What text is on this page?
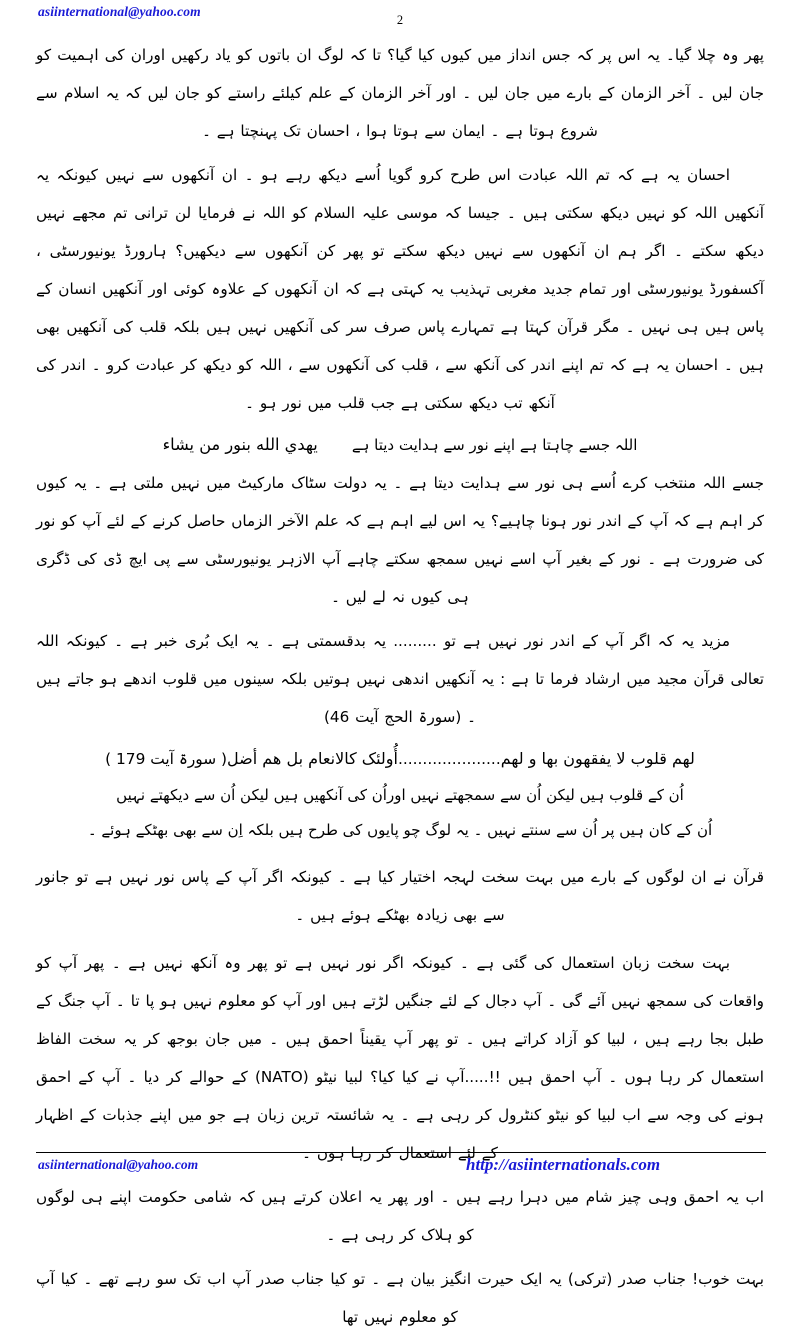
asiinternational@yahoo.com
2

پھر وہ چلا گیا۔ یہ اس پر کہ جس انداز میں کیوں کیا گیا؟ تا کہ لوگ ان باتوں کو یاد رکھیں اوران کی اہمیت کو جان لیں ۔ آخر الزمان کے بارے میں جان لیں ۔ اور آخر الزمان کے علم کیلئے راستے کو جان لیں کہ یہ اسلام سے شروع ہوتا ہے ۔ ایمان سے ہوتا ہوا ، احسان تک پہنچتا ہے ۔

احسان یہ ہے کہ تم اللہ عبادت اس طرح کرو گویا اُسے دیکھ رہے ہو ۔ ان آنکھوں سے نہیں کیونکہ یہ آنکھیں اللہ کو نہیں دیکھ سکتی ہیں ۔ جیسا کہ موسی علیہ السلام کو اللہ نے فرمایا لن ترانی تم مجھے نہیں دیکھ سکتے ۔ اگر ہم ان آنکھوں سے نہیں دیکھ سکتے تو پھر کن آنکھوں سے دیکھیں؟ ہارورڈ یونیورسٹی ، آکسفورڈ یونیورسٹی اور تمام جدید مغربی تہذیب یہ کہتی ہے کہ ان آنکھوں کے علاوہ کوئی اور آنکھیں انسان کے پاس ہیں ہی نہیں ۔ مگر قرآن کہتا ہے تمہارے پاس صرف سر کی آنکھیں نہیں ہیں بلکہ قلب کی آنکھیں بھی ہیں ۔ احسان یہ ہے کہ تم اپنے اندر کی آنکھ سے ، قلب کی آنکھوں سے ، اللہ کو دیکھ کر عبادت کرو ۔ اندر کی آنکھ تب دیکھ سکتی ہے جب قلب میں نور ہو ۔

اللہ جسے چاہتا ہے اپنے نور سے ہدایت دیتا ہےيهدي الله بنور من يشاء

جسے اللہ منتخب کرے اُسے ہی نور سے ہدایت دیتا ہے ۔ یہ دولت سٹاک مارکیٹ میں نہیں ملتی ہے ۔ یہ کیوں کر اہم ہے کہ آپ کے اندر نور ہونا چاہیے؟ یہ اس لیے اہم ہے کہ علم الآخر الزماں حاصل کرنے کے لئے آپ کو نور کی ضرورت ہے ۔ نور کے بغیر آپ اسے نہیں سمجھ سکتے چاہے آپ الازہر یونیورسٹی سے پی ایچ ڈی کی ڈگری ہی کیوں نہ لے لیں ۔

مزید یہ کہ اگر آپ کے اندر نور نہیں ہے تو ......... یہ بدقسمتی ہے ۔ یہ ایک بُری خبر ہے ۔ کیونکہ اللہ تعالی قرآن مجید میں ارشاد فرما تا ہے : یہ آنکھیں اندھی نہیں ہوتیں بلکہ سینوں میں قلوب اندھے ہو جاتے ہیں ۔ (سورۃ الحج آیت 46)

لھم قلوب لا يفقهون بها و لهم.....................أُولئک كالانعام بل هم أضل( سورۃ آیت 179 )
اُن کے قلوب ہیں لیکن اُن سے سمجھتے نہیں اوراُن کی آنکھیں ہیں لیکن اُن سے دیکھتے نہیں
اُن کے کان ہیں پر اُن سے سنتے نہیں ۔ یہ لوگ چو پایوں کی طرح ہیں بلکہ اِن سے بھی بھٹکے ہوئے ۔

قرآن نے ان لوگوں کے بارے میں بہت سخت لہجہ اختیار کیا ہے ۔ کیونکہ اگر آپ کے پاس نور نہیں ہے تو جانور سے بھی زیادہ بھٹکے ہوئے ہیں ۔

بہت سخت زبان استعمال کی گئی ہے ۔ کیونکہ اگر نور نہیں ہے تو پھر وہ آنکھ نہیں ہے ۔ پھر آپ کو واقعات کی سمجھ نہیں آئے گی ۔ آپ دجال کے لئے جنگیں لڑتے ہیں اور آپ کو معلوم نہیں ہو پا تا ۔ آپ جنگ کے طبل بجا رہے ہیں ، لبیا کو آزاد کراتے ہیں ۔ تو پھر آپ یقیناً احمق ہیں ۔ میں جان بوجھ کر یہ سخت الفاظ استعمال کر رہا ہوں ۔ آپ احمق ہیں !!.....آپ نے کیا کیا؟ لبیا نیٹو (NATO) کے حوالے کر دیا ۔ آپ کے احمق ہونے کی وجہ سے اب لبیا کو نیٹو کنٹرول کر رہی ہے ۔ یہ شائستہ ترین زبان ہے جو میں اپنے جذبات کے اظہار کے لئے استعمال کر رہا ہوں ۔

اب یہ احمق وہی چیز شام میں دہرا رہے ہیں ۔ اور پھر یہ اعلان کرتے ہیں کہ شامی حکومت اپنے ہی لوگوں کو ہلاک کر رہی ہے ۔

بہت خوب! جناب صدر (ترکی) یہ ایک حیرت انگیز بیان ہے ۔ تو کیا جناب صدر آپ اب تک سو رہے تھے ۔ کیا آپ کو معلوم نہیں تھا

asiinternational@yahoo.com	http://asiinternationals.com
